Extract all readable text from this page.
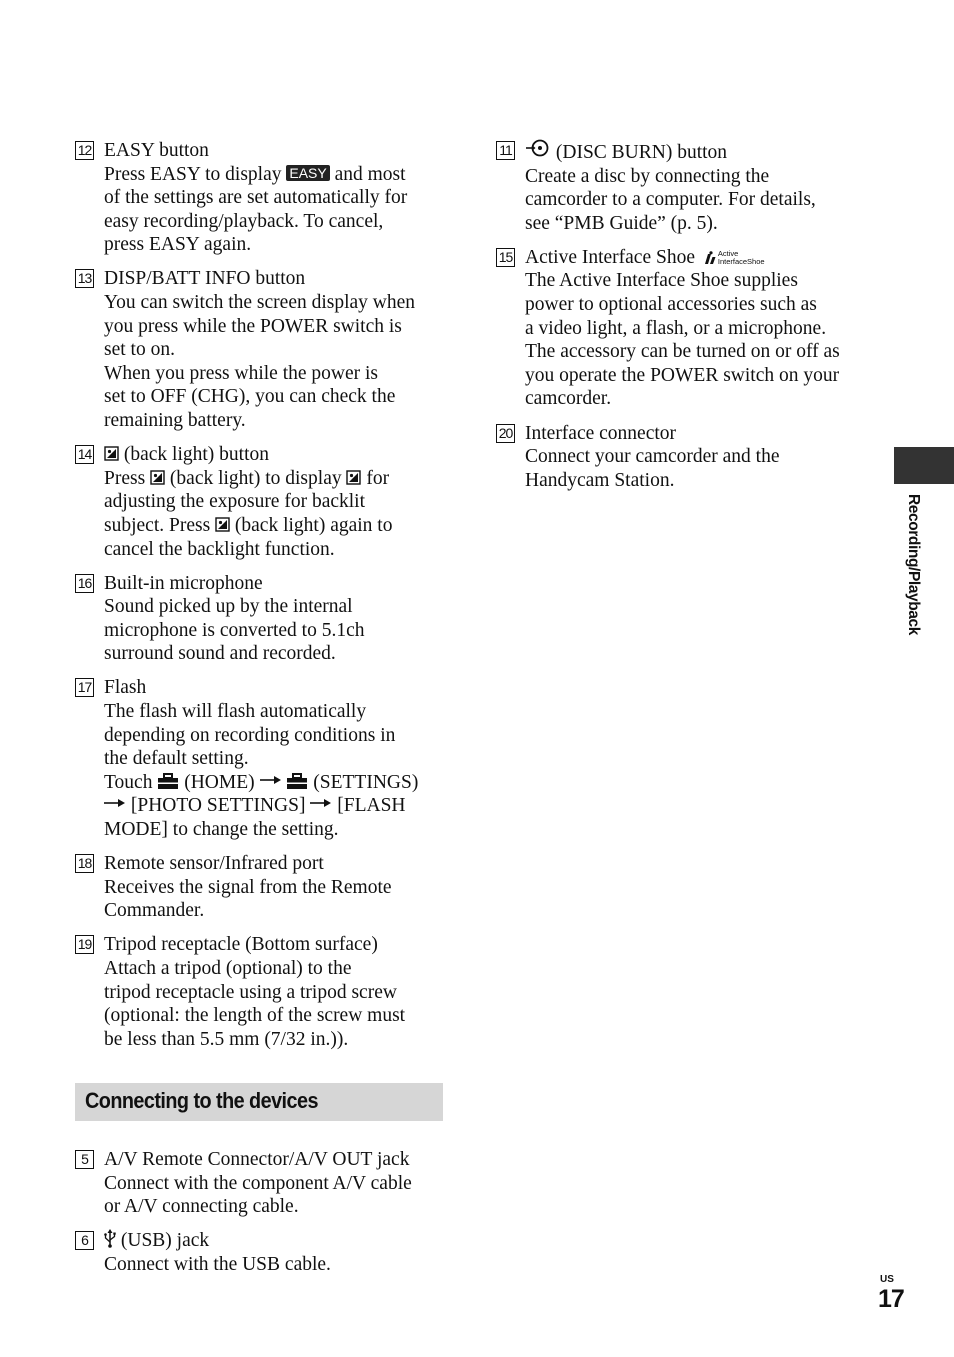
12 EASY button
Press EASY to display EASY and most
of the settings are set automatically for
easy recording/playback. To cancel,
press EASY again.
13 DISP/BATT INFO button
You can switch the screen display when
you press while the POWER switch is
set to on.
When you press while the power is
set to OFF (CHG), you can check the
remaining battery.
14	(back light) button
Press (back light) to display for
adjusting the exposure for backlit
subject. Press (back light) again to
cancel the backlight function.
16 Built-in microphone
Sound picked up by the internal
microphone is converted to 5.1ch
surround sound and recorded.
17 Flash
The flash will flash automatically
depending on recording conditions in
the default setting.
Touch (HOME)	(SETTINGS)
[PHOTO SETTINGS] [FLASH
MODE] to change the setting.
18 Remote sensor/Infrared port
Receives the signal from the Remote
Commander.
19 Tripod receptacle (Bottom surface)
Attach a tripod (optional) to the
tripod receptacle using a tripod screw
(optional: the length of the screw must
be less than 5.5 mm (7/32 in.)).
Connecting to the devices
5 A/V Remote Connector/A/V OUT jack
Connect with the component A/V cable
or A/V connecting cable.
6	(USB) jack
Connect with the USB cable.
11	(DISC BURN) button
Create a disc by connecting the
camcorder to a computer. For details,
see “PMB Guide” (p. 5).
15 Active Interface Shoe	Active
InterfaceShoe
The Active Interface Shoe supplies
power to optional accessories such as
a video light, a flash, or a microphone.
The accessory can be turned on or off as
you operate the POWER switch on your
camcorder.
20 Interface connector
Connect your camcorder and the
Handycam Station.
Recording/Playback
US
17
